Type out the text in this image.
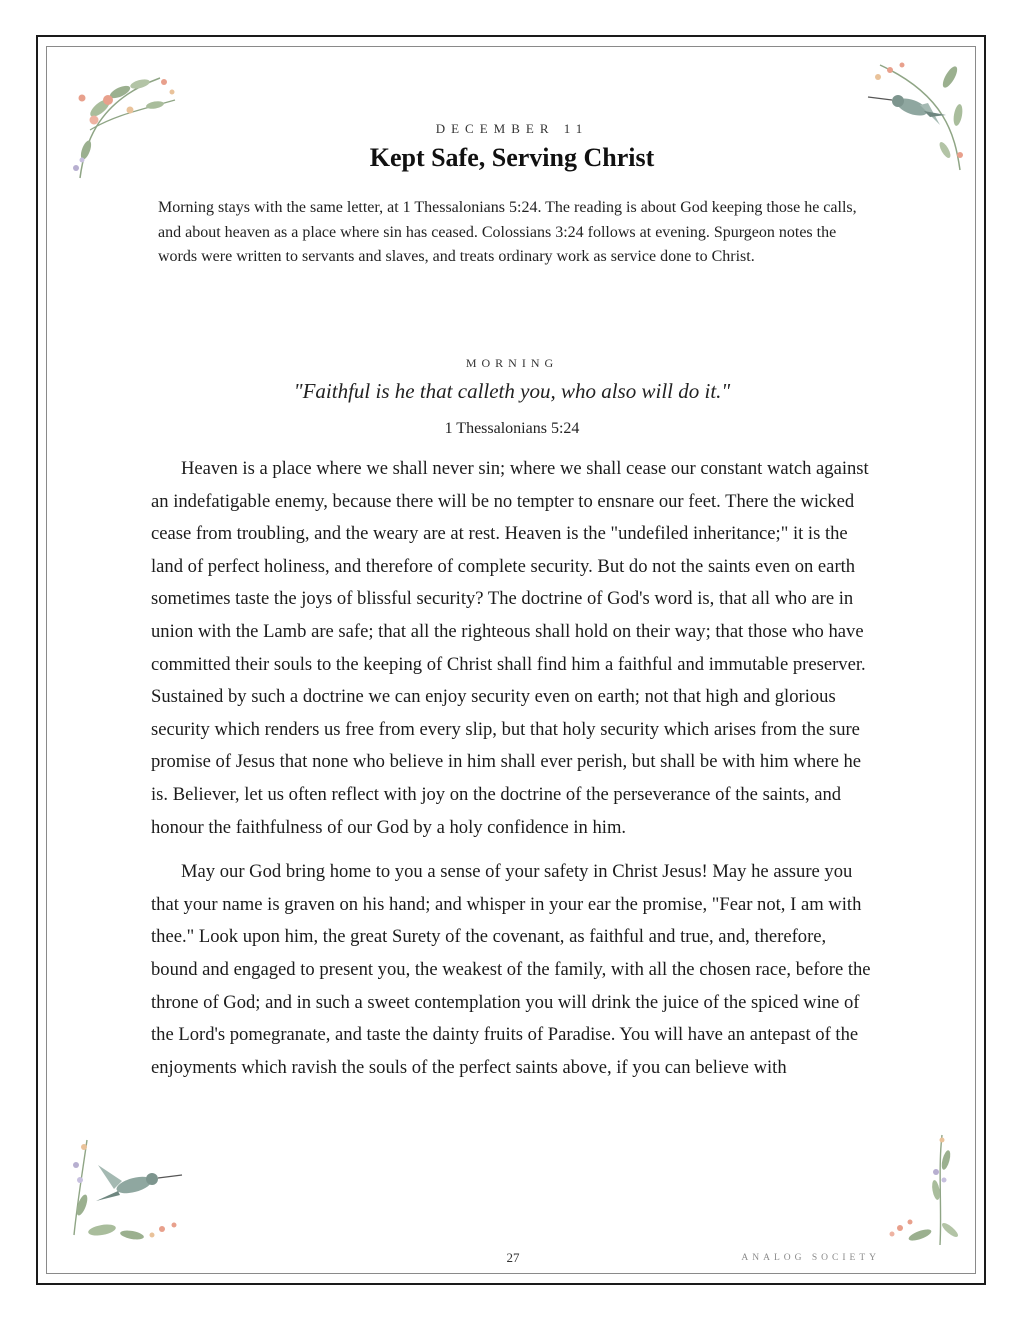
DECEMBER 11
Kept Safe, Serving Christ
Morning stays with the same letter, at 1 Thessalonians 5:24. The reading is about God keeping those he calls, and about heaven as a place where sin has ceased. Colossians 3:24 follows at evening. Spurgeon notes the words were written to servants and slaves, and treats ordinary work as service done to Christ.
MORNING
"Faithful is he that calleth you, who also will do it."
1 Thessalonians 5:24

Heaven is a place where we shall never sin; where we shall cease our constant watch against an indefatigable enemy, because there will be no tempter to ensnare our feet. There the wicked cease from troubling, and the weary are at rest. Heaven is the "undefiled inheritance;" it is the land of perfect holiness, and therefore of complete security. But do not the saints even on earth sometimes taste the joys of blissful security? The doctrine of God's word is, that all who are in union with the Lamb are safe; that all the righteous shall hold on their way; that those who have committed their souls to the keeping of Christ shall find him a faithful and immutable preserver. Sustained by such a doctrine we can enjoy security even on earth; not that high and glorious security which renders us free from every slip, but that holy security which arises from the sure promise of Jesus that none who believe in him shall ever perish, but shall be with him where he is. Believer, let us often reflect with joy on the doctrine of the perseverance of the saints, and honour the faithfulness of our God by a holy confidence in him.

May our God bring home to you a sense of your safety in Christ Jesus! May he assure you that your name is graven on his hand; and whisper in your ear the promise, "Fear not, I am with thee." Look upon him, the great Surety of the covenant, as faithful and true, and, therefore, bound and engaged to present you, the weakest of the family, with all the chosen race, before the throne of God; and in such a sweet contemplation you will drink the juice of the spiced wine of the Lord's pomegranate, and taste the dainty fruits of Paradise. You will have an antepast of the enjoyments which ravish the souls of the perfect saints above, if you can believe with

27	ANALOG SOCIETY
